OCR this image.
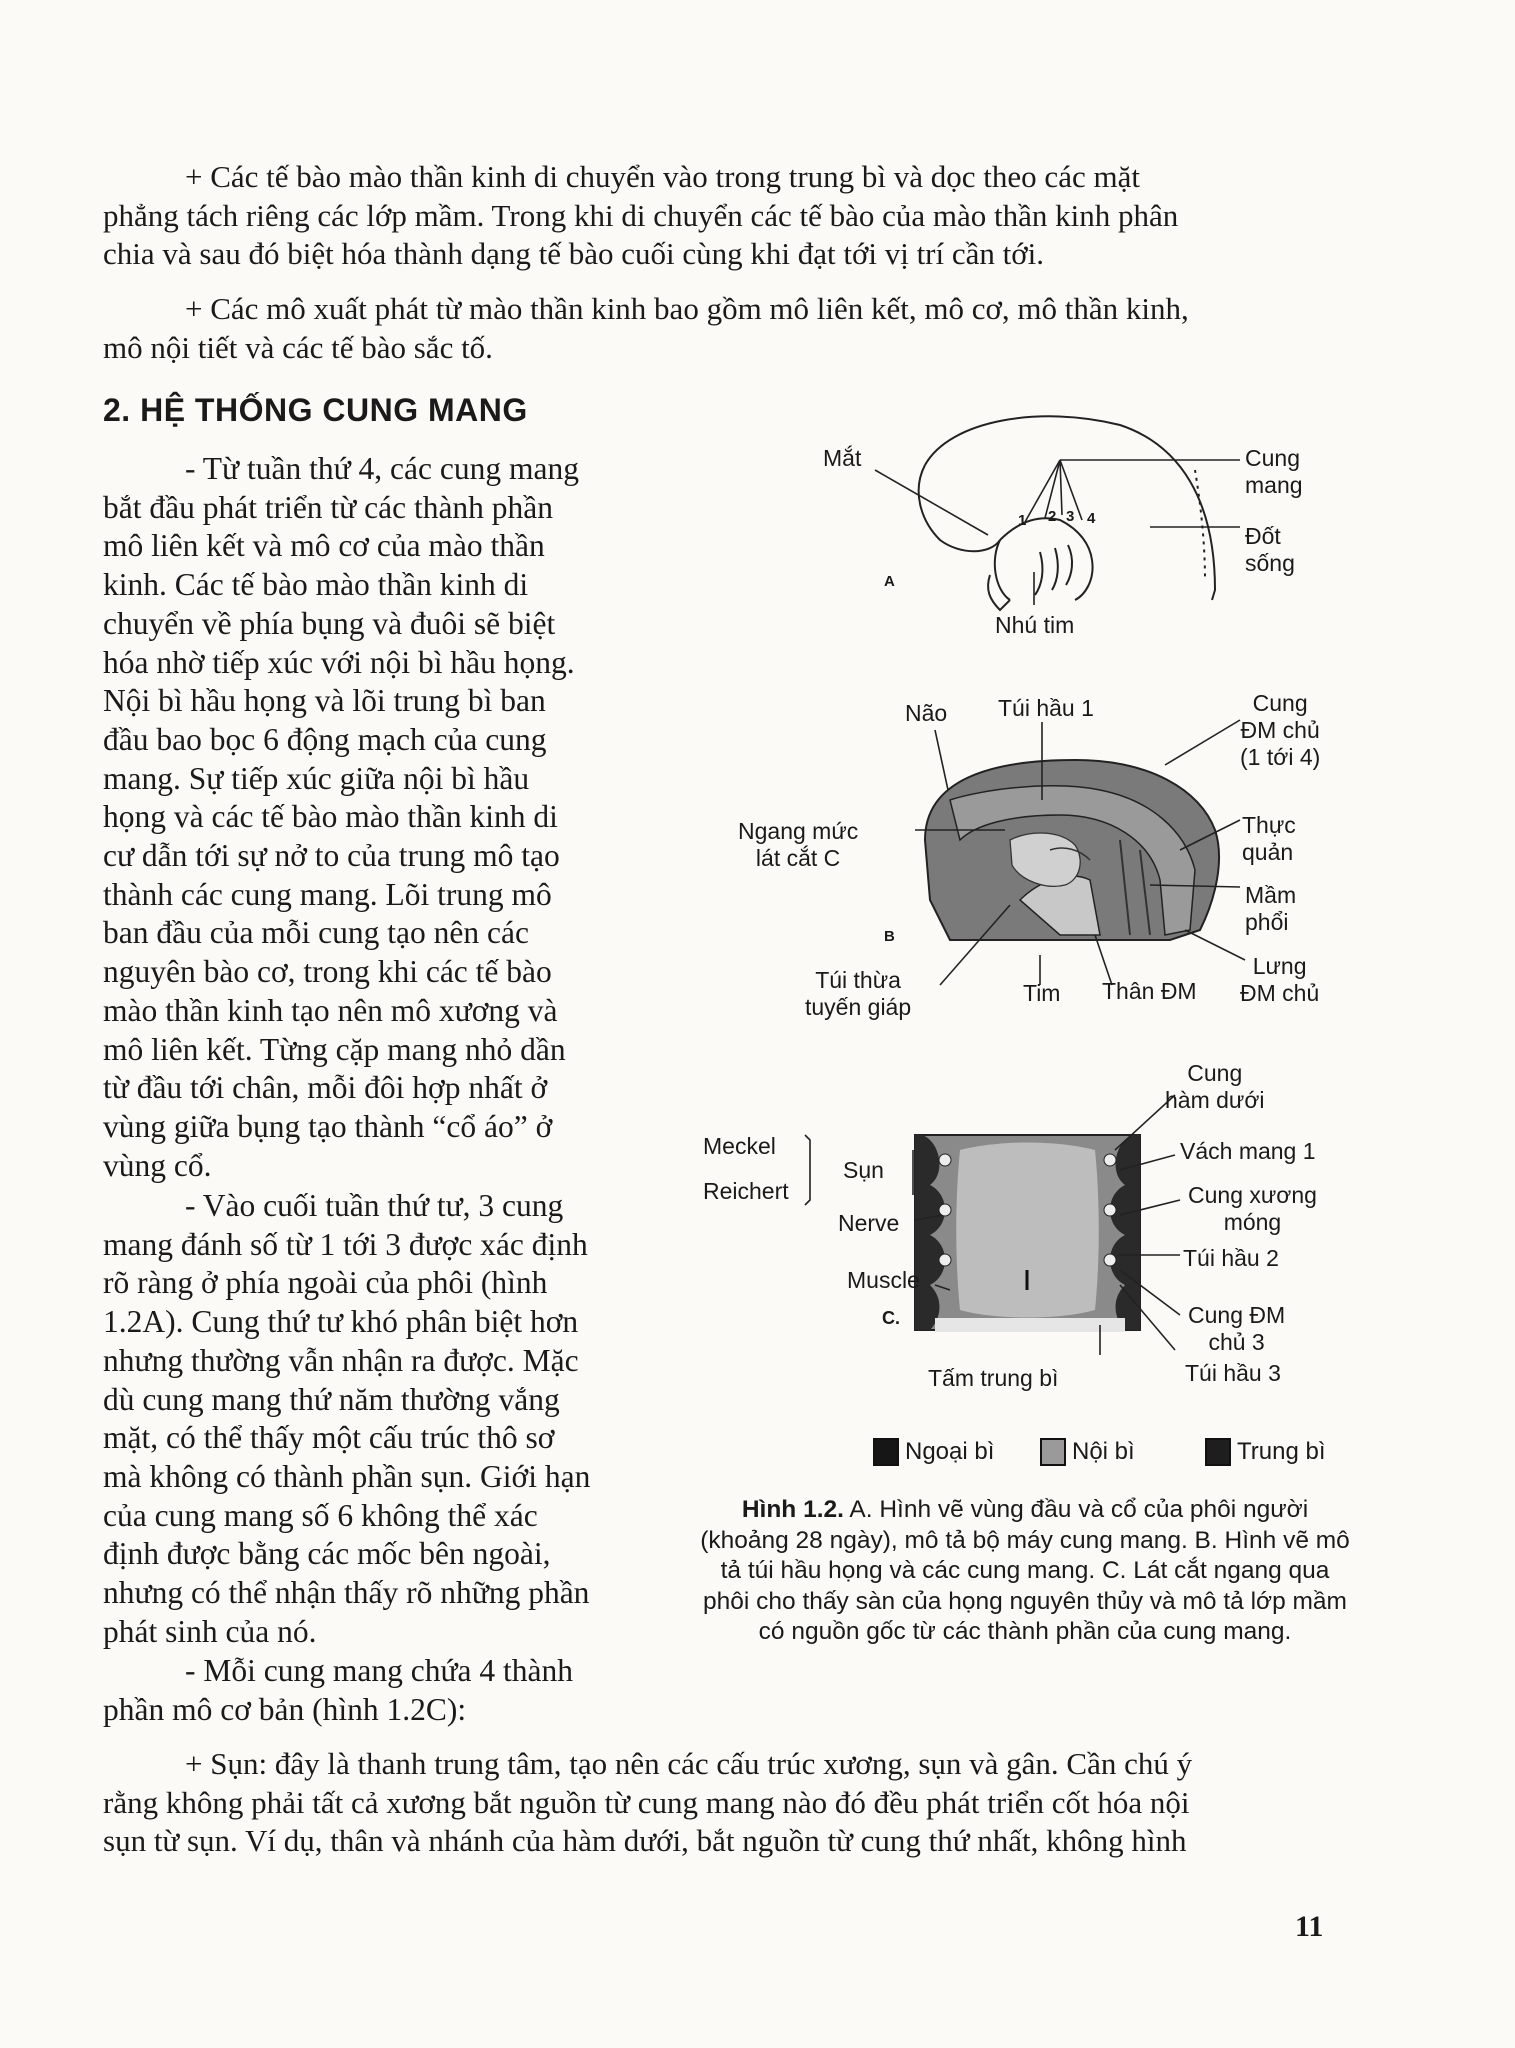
+ Các tế bào mào thần kinh di chuyển vào trong trung bì và dọc theo các mặt
phẳng tách riêng các lớp mầm. Trong khi di chuyển các tế bào của mào thần kinh phân
chia và sau đó biệt hóa thành dạng tế bào cuối cùng khi đạt tới vị trí cần tới.
+ Các mô xuất phát từ mào thần kinh bao gồm mô liên kết, mô cơ, mô thần kinh,
mô nội tiết và các tế bào sắc tố.
2. HỆ THỐNG CUNG MANG
- Từ tuần thứ 4, các cung mang
bắt đầu phát triển từ các thành phần
mô liên kết và mô cơ của mào thần
kinh. Các tế bào mào thần kinh di
chuyển về phía bụng và đuôi sẽ biệt
hóa nhờ tiếp xúc với nội bì hầu họng.
Nội bì hầu họng và lõi trung bì ban
đầu bao bọc 6 động mạch của cung
mang. Sự tiếp xúc giữa nội bì hầu
họng và các tế bào mào thần kinh di
cư dẫn tới sự nở to của trung mô tạo
thành các cung mang. Lõi trung mô
ban đầu của mỗi cung tạo nên các
nguyên bào cơ, trong khi các tế bào
mào thần kinh tạo nên mô xương và
mô liên kết. Từng cặp mang nhỏ dần
từ đầu tới chân, mỗi đôi hợp nhất ở
vùng giữa bụng tạo thành “cổ áo” ở
vùng cổ.
- Vào cuối tuần thứ tư, 3 cung
mang đánh số từ 1 tới 3 được xác định
rõ ràng ở phía ngoài của phôi (hình
1.2A). Cung thứ tư khó phân biệt hơn
nhưng thường vẫn nhận ra được. Mặc
dù cung mang thứ năm thường vắng
mặt, có thể thấy một cấu trúc thô sơ
mà không có thành phần sụn. Giới hạn
của cung mang số 6 không thể xác
định được bằng các mốc bên ngoài,
nhưng có thể nhận thấy rõ những phần
phát sinh của nó.
- Mỗi cung mang chứa 4 thành
phần mô cơ bản (hình 1.2C):
Mắt	Cung
mang
Đốt
sống
Nhú tim
A
1 2 3 4
Não Túi hầu 1	Cung
ĐM chủ
(1 tới 4)
Ngang mức
lát cắt C
Thực
quản
Mầm
phổi
B
Túi thừa
tuyến giáp
Tim Thân ĐM
Lưng
ĐM chủ
Cung
hàm dưới
Meckel
Reichert
Sụn
Vách mang 1
Cung xương
móng
Nerve
Túi hầu 2
Muscle
C.	Cung ĐM
chủ 3
Túi hầu 3
Tấm trung bì
Ngoại bì	Nội bì	Trung bì

Hình 1.2. A. Hình vẽ vùng đầu và cổ của phôi người (khoảng 28 ngày), mô tả bộ máy cung mang. B. Hình vẽ mô tả túi hầu họng và các cung mang. C. Lát cắt ngang qua phôi cho thấy sàn của họng nguyên thủy và mô tả lớp mầm có nguồn gốc từ các thành phần của cung mang.

+ Sụn: đây là thanh trung tâm, tạo nên các cấu trúc xương, sụn và gân. Cần chú ý
rằng không phải tất cả xương bắt nguồn từ cung mang nào đó đều phát triển cốt hóa nội
sụn từ sụn. Ví dụ, thân và nhánh của hàm dưới, bắt nguồn từ cung thứ nhất, không hình
11
